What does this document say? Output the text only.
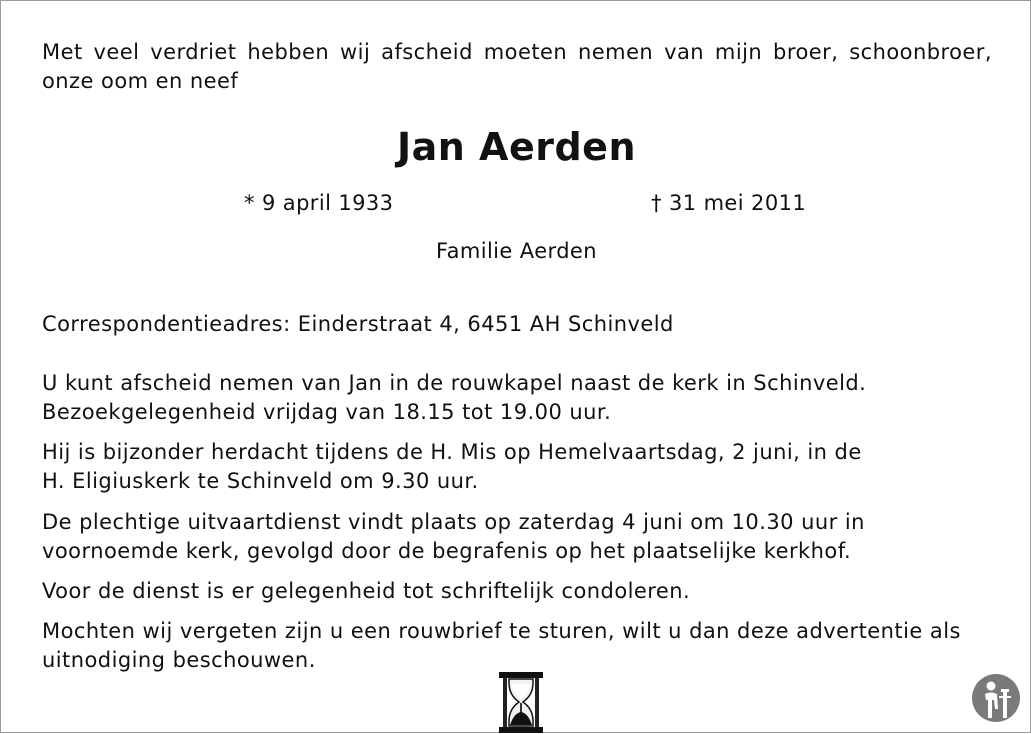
Met veel verdriet hebben wij afscheid moeten nemen van mijn broer, schoonbroer, onze oom en neef
Jan Aerden
* 9 april 1933	† 31 mei 2011
Familie Aerden
Correspondentieadres: Einderstraat 4, 6451 AH Schinveld
U kunt afscheid nemen van Jan in de rouwkapel naast de kerk in Schinveld.
Bezoekgelegenheid vrijdag van 18.15 tot 19.00 uur.
Hij is bijzonder herdacht tijdens de H. Mis op Hemelvaartsdag, 2 juni, in de
H. Eligiuskerk te Schinveld om 9.30 uur.
De plechtige uitvaartdienst vindt plaats op zaterdag 4 juni om 10.30 uur in
voornoemde kerk, gevolgd door de begrafenis op het plaatselijke kerkhof.
Voor de dienst is er gelegenheid tot schriftelijk condoleren.
Mochten wij vergeten zijn u een rouwbrief te sturen, wilt u dan deze advertentie als
uitnodiging beschouwen.
